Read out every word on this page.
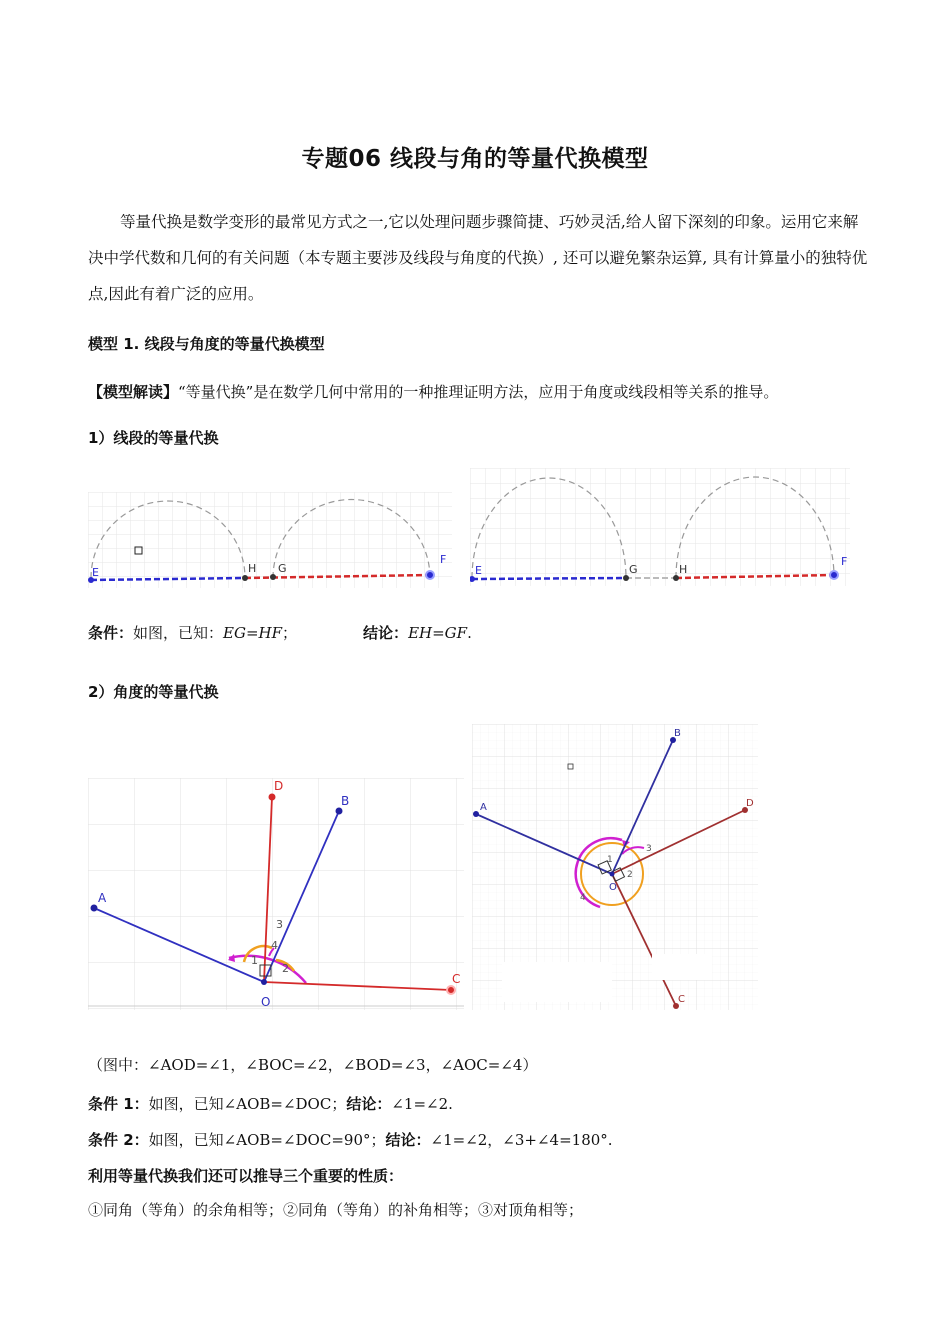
专题06 线段与角的等量代换模型
等量代换是数学变形的最常见方式之一,它以处理问题步骤简捷、巧妙灵活,给人留下深刻的印象。运用它来解决中学代数和几何的有关问题（本专题主要涉及线段与角度的代换）, 还可以避免繁杂运算, 具有计算量小的独特优点,因此有着广泛的应用。
模型 1. 线段与角度的等量代换模型
【模型解读】“等量代换”是在数学几何中常用的一种推理证明方法，应用于角度或线段相等关系的推导。
1）线段的等量代换
E	H G
F
E	G	H
F
条件：如图，已知：EG=HF；	结论：EH=GF.
2）角度的等量代换
A
B
D
C
O
1
2
3
4
A
B
D
C
O
1
2
3
4
（图中：∠AOD=∠1，∠BOC=∠2，∠BOD=∠3，∠AOC=∠4）
条件 1：如图，已知∠AOB=∠DOC；结论：∠1=∠2.
条件 2：如图，已知∠AOB=∠DOC=90°；结论：∠1=∠2，∠3+∠4=180°.
利用等量代换我们还可以推导三个重要的性质：
①同角（等角）的余角相等；②同角（等角）的补角相等；③对顶角相等；
